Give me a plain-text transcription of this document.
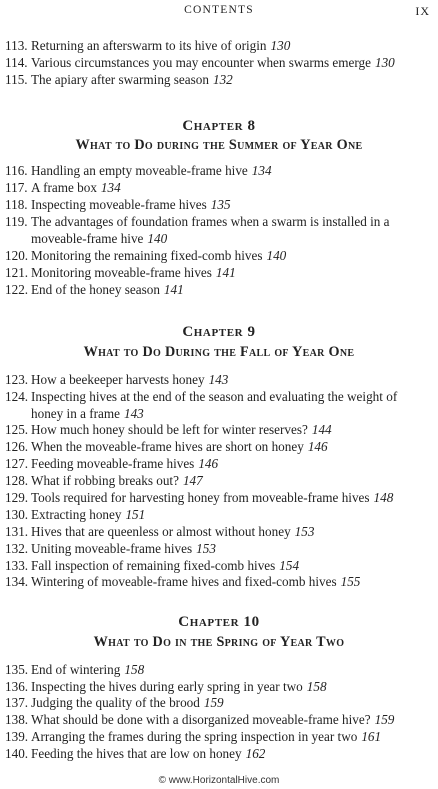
CONTENTS	IX
113. Returning an afterswarm to its hive of origin 130
114. Various circumstances you may encounter when swarms emerge 130
115. The apiary after swarming season 132
Chapter 8
What to Do during the Summer of Year One
116. Handling an empty moveable-frame hive 134
117. A frame box 134
118. Inspecting moveable-frame hives 135
119. The advantages of foundation frames when a swarm is installed in a moveable-frame hive 140
120. Monitoring the remaining fixed-comb hives 140
121. Monitoring moveable-frame hives 141
122. End of the honey season 141
Chapter 9
What to Do During the Fall of Year One
123. How a beekeeper harvests honey 143
124. Inspecting hives at the end of the season and evaluating the weight of honey in a frame 143
125. How much honey should be left for winter reserves? 144
126. When the moveable-frame hives are short on honey 146
127. Feeding moveable-frame hives 146
128. What if robbing breaks out? 147
129. Tools required for harvesting honey from moveable-frame hives 148
130. Extracting honey 151
131. Hives that are queenless or almost without honey 153
132. Uniting moveable-frame hives 153
133. Fall inspection of remaining fixed-comb hives 154
134. Wintering of moveable-frame hives and fixed-comb hives 155
Chapter 10
What to Do in the Spring of Year Two
135. End of wintering 158
136. Inspecting the hives during early spring in year two 158
137. Judging the quality of the brood 159
138. What should be done with a disorganized moveable-frame hive? 159
139. Arranging the frames during the spring inspection in year two 161
140. Feeding the hives that are low on honey 162
© www.HorizontalHive.com
